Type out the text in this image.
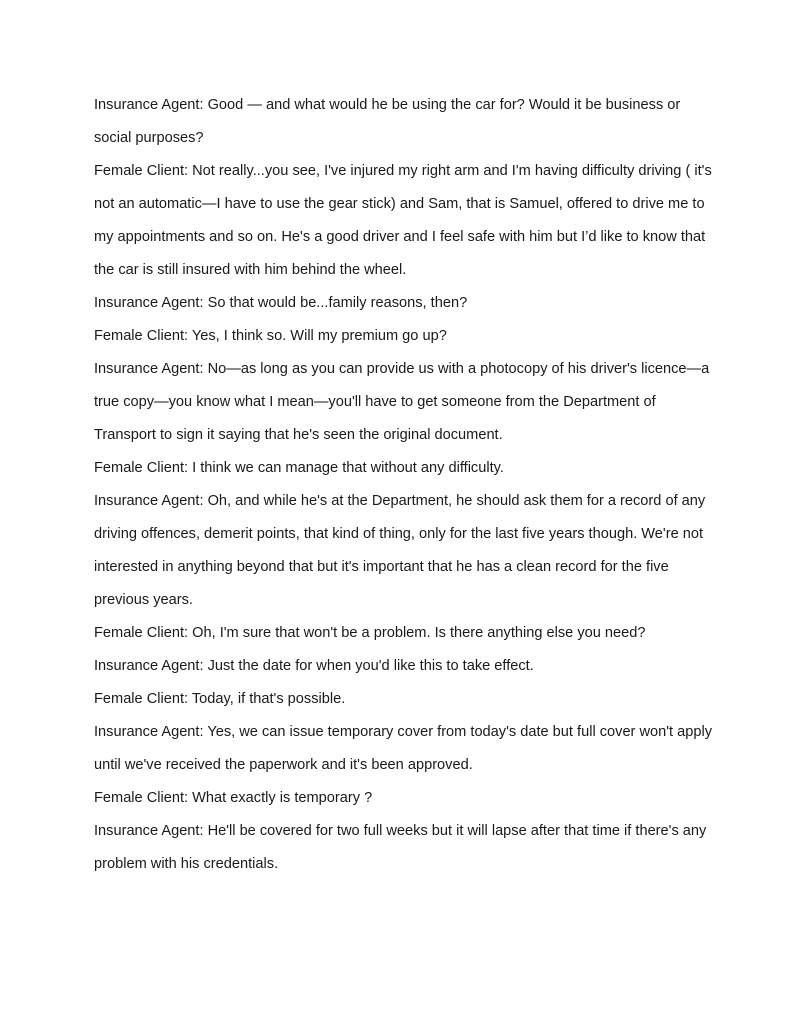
Insurance Agent: Good — and what would he be using the car for? Would it be business or social purposes?

Female Client: Not really...you see, I've injured my right arm and I'm having difficulty driving ( it's not an automatic—I have to use the gear stick) and Sam, that is Samuel, offered to drive me to my appointments and so on. He's a good driver and I feel safe with him but I’d like to know that the car is still insured with him behind the wheel.

Insurance Agent: So that would be...family reasons, then?

Female Client: Yes, I think so. Will my premium go up?

Insurance Agent: No—as long as you can provide us with a photocopy of his driver's licence—a true copy—you know what I mean—you'll have to get someone from the Department of Transport to sign it saying that he's seen the original document.

Female Client: I think we can manage that without any difficulty.

Insurance Agent: Oh, and while he's at the Department, he should ask them for a record of any driving offences, demerit points, that kind of thing, only for the last five years though. We're not interested in anything beyond that but it's important that he has a clean record for the five previous years.

Female Client: Oh, I'm sure that won't be a problem. Is there anything else you need?

Insurance Agent: Just the date for when you'd like this to take effect.

Female Client: Today, if that's possible.

Insurance Agent: Yes, we can issue temporary cover from today's date but full cover won't apply until we've received the paperwork and it's been approved.

Female Client: What exactly is temporary ?

Insurance Agent: He'll be covered for two full weeks but it will lapse after that time if there's any problem with his credentials.
